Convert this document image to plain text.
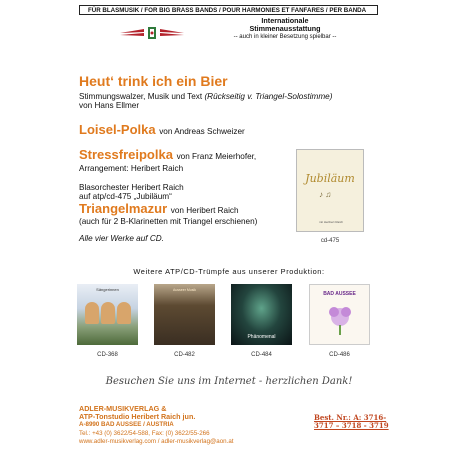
FÜR BLASMUSIK / FOR BIG BRASS BANDS / POUR HARMONIES ET FANFARES / PER BANDA
Internationale
Stimmenausstattung
-- auch in kleiner Besetzung spielbar --
Heut‘ trink ich ein Bier
Stimmungswalzer, Musik und Text (Rückseitig v. Triangel-Solostimme)
von Hans Ellmer
Loisel-Polka von Andreas Schweizer
Stressfreipolka von Franz Meierhofer,
Arrangement: Heribert Raich
Blasorchester Heribert Raich
auf atp/cd-475 „Jubiläum“
Triangelmazur von Heribert Raich
(auch für 2 B-Klarinetten mit Triangel erschienen)
Alle vier Werke auf CD.
Jubiläum
♪ ♫
mit Heribert Raich
cd-475
Weitere ATP/CD-Trümpfe aus unserer Produktion:
Sängerinnen	Ausseer Musik
Phänomenal
BAD AUSSEE
CD-368	CD-482	CD-484	CD-486
Besuchen Sie uns im Internet - herzlichen Dank!
ADLER-MUSIKVERLAG &
ATP-Tonstudio Heribert Raich jun.
A-8990 BAD AUSSEE / AUSTRIA
Tel.: +43 (0) 3622/54-588, Fax: (0) 3622/55-266
www.adler-musikverlag.com / adler-musikverlag@aon.at
Best. Nr.: A: 3716-
3717 – 3718 - 3719
